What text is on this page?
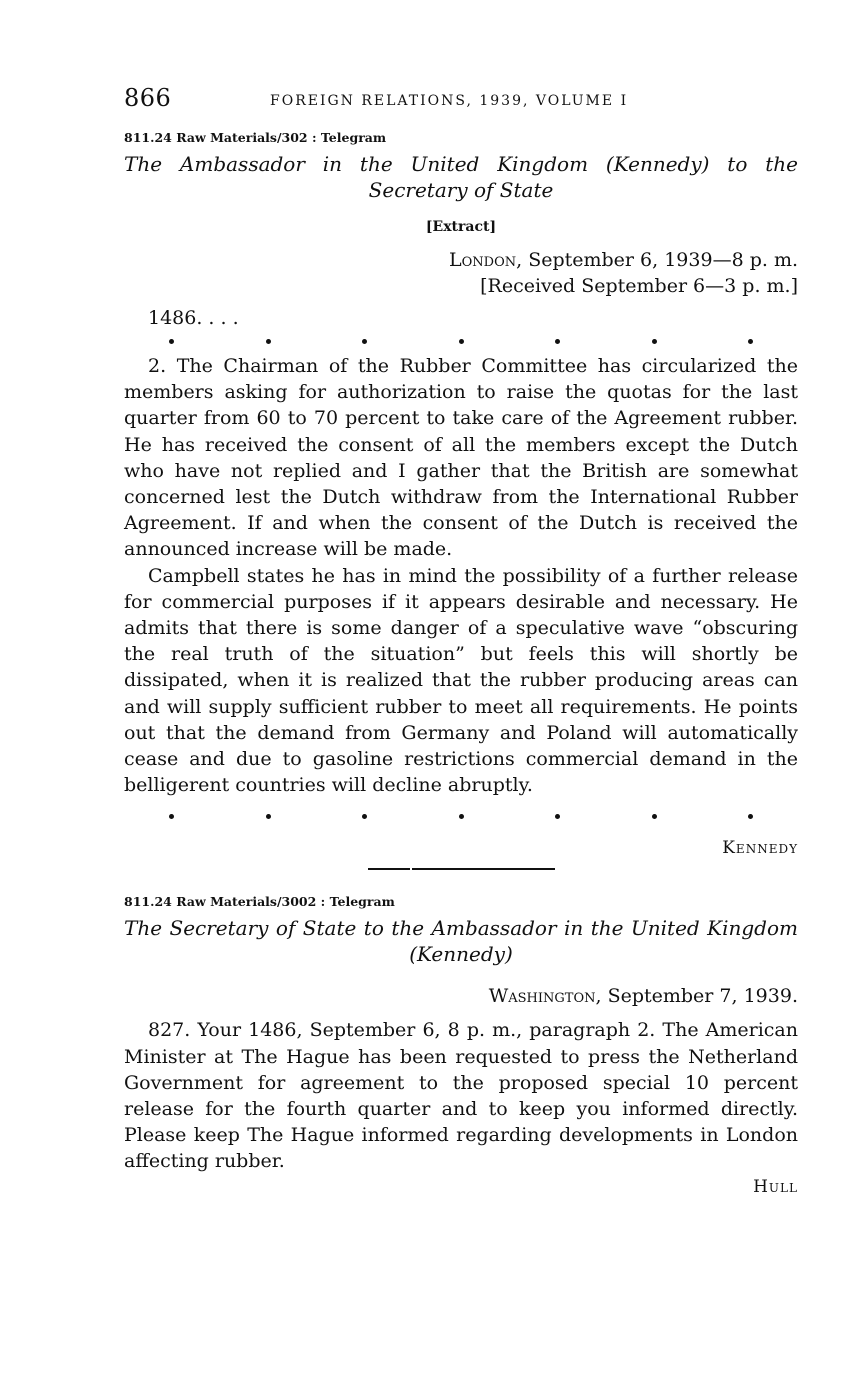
866	FOREIGN RELATIONS, 1939, VOLUME I
811.24 Raw Materials/302 : Telegram

The Ambassador in the United Kingdom (Kennedy) to the Secretary of State

[Extract]
London, September 6, 1939—8 p. m.
[Received September 6—3 p. m.]
1486. . . .

2. The Chairman of the Rubber Committee has circularized the members asking for authorization to raise the quotas for the last quarter from 60 to 70 percent to take care of the Agreement rubber. He has received the consent of all the members except the Dutch who have not replied and I gather that the British are somewhat concerned lest the Dutch withdraw from the International Rubber Agreement. If and when the consent of the Dutch is received the announced increase will be made.

Campbell states he has in mind the possibility of a further release for commercial purposes if it appears desirable and necessary. He admits that there is some danger of a speculative wave “obscuring the real truth of the situation” but feels this will shortly be dissipated, when it is realized that the rubber producing areas can and will supply sufficient rubber to meet all requirements. He points out that the demand from Germany and Poland will automatically cease and due to gasoline restrictions commercial demand in the belligerent countries will decline abruptly.

Kennedy
811.24 Raw Materials/3002 : Telegram

The Secretary of State to the Ambassador in the United Kingdom (Kennedy)

Washington, September 7, 1939.

827. Your 1486, September 6, 8 p. m., paragraph 2. The American Minister at The Hague has been requested to press the Netherland Government for agreement to the proposed special 10 percent release for the fourth quarter and to keep you informed directly. Please keep The Hague informed regarding developments in London affecting rubber.

Hull
